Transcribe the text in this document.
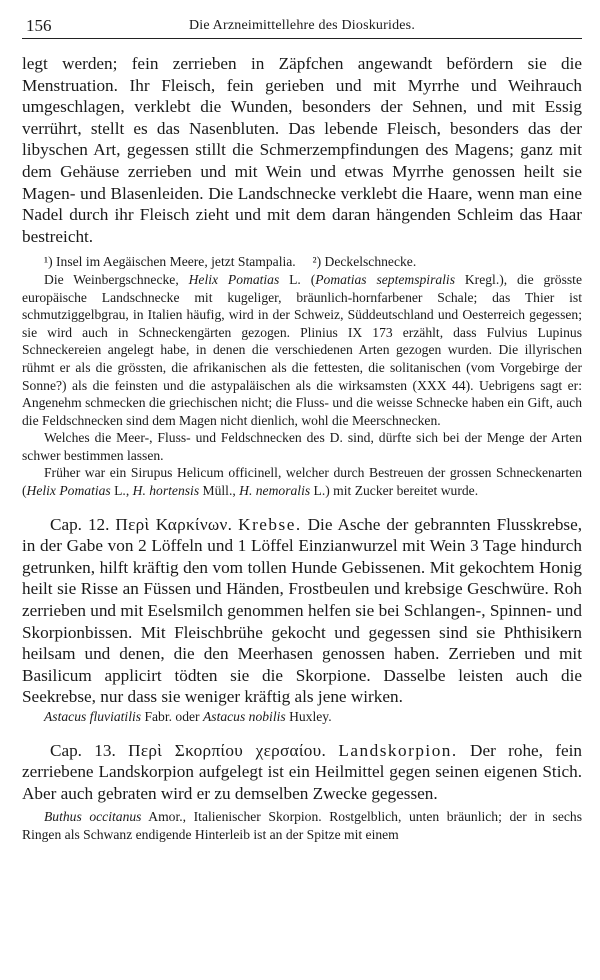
156	Die Arzneimittellehre des Dioskurides.

legt werden; fein zerrieben in Zäpfchen angewandt befördern sie die Menstruation. Ihr Fleisch, fein gerieben und mit Myrrhe und Weihrauch umgeschlagen, verklebt die Wunden, besonders der Sehnen, und mit Essig verrührt, stellt es das Nasenbluten. Das lebende Fleisch, besonders das der libyschen Art, gegessen stillt die Schmerzempfindungen des Magens; ganz mit dem Gehäuse zerrieben und mit Wein und etwas Myrrhe genossen heilt sie Magen- und Blasenleiden. Die Landschnecke verklebt die Haare, wenn man eine Nadel durch ihr Fleisch zieht und mit dem daran hängenden Schleim das Haar bestreicht.

¹) Insel im Aegäischen Meere, jetzt Stampalia. ²) Deckelschnecke.

Die Weinbergschnecke, Helix Pomatias L. (Pomatias septemspiralis Kregl.), die grösste europäische Landschnecke mit kugeliger, bräunlich-hornfarbener Schale; das Thier ist schmutziggelbgrau, in Italien häufig, wird in der Schweiz, Süddeutschland und Oesterreich gegessen; sie wird auch in Schneckengärten gezogen. Plinius IX 173 erzählt, dass Fulvius Lupinus Schneckereien angelegt habe, in denen die verschiedenen Arten gezogen wurden. Die illyrischen rühmt er als die grössten, die afrikanischen als die fettesten, die solitanischen (vom Vorgebirge der Sonne?) als die feinsten und die astypaläischen als die wirksamsten (XXX 44). Uebrigens sagt er: Angenehm schmecken die griechischen nicht; die Fluss- und die weisse Schnecke haben ein Gift, auch die Feldschnecken sind dem Magen nicht dienlich, wohl die Meerschnecken.

Welches die Meer-, Fluss- und Feldschnecken des D. sind, dürfte sich bei der Menge der Arten schwer bestimmen lassen.

Früher war ein Sirupus Helicum officinell, welcher durch Bestreuen der grossen Schneckenarten (Helix Pomatias L., H. hortensis Müll., H. nemoralis L.) mit Zucker bereitet wurde.

Cap. 12. Περὶ Καρκίνων. Krebse. Die Asche der gebrannten Flusskrebse, in der Gabe von 2 Löffeln und 1 Löffel Einzianwurzel mit Wein 3 Tage hindurch getrunken, hilft kräftig den vom tollen Hunde Gebissenen. Mit gekochtem Honig heilt sie Risse an Füssen und Händen, Frostbeulen und krebsige Geschwüre. Roh zerrieben und mit Eselsmilch genommen helfen sie bei Schlangen-, Spinnen- und Skorpionbissen. Mit Fleischbrühe gekocht und gegessen sind sie Phthisikern heilsam und denen, die den Meerhasen genossen haben. Zerrieben und mit Basilicum applicirt tödten sie die Skorpione. Dasselbe leisten auch die Seekrebse, nur dass sie weniger kräftig als jene wirken.

Astacus fluviatilis Fabr. oder Astacus nobilis Huxley.

Cap. 13. Περὶ Σκορπίου χερσαίου. Landskorpion. Der rohe, fein zerriebene Landskorpion aufgelegt ist ein Heilmittel gegen seinen eigenen Stich. Aber auch gebraten wird er zu demselben Zwecke gegessen.

Buthus occitanus Amor., Italienischer Skorpion. Rostgelblich, unten bräunlich; der in sechs Ringen als Schwanz endigende Hinterleib ist an der Spitze mit einem
